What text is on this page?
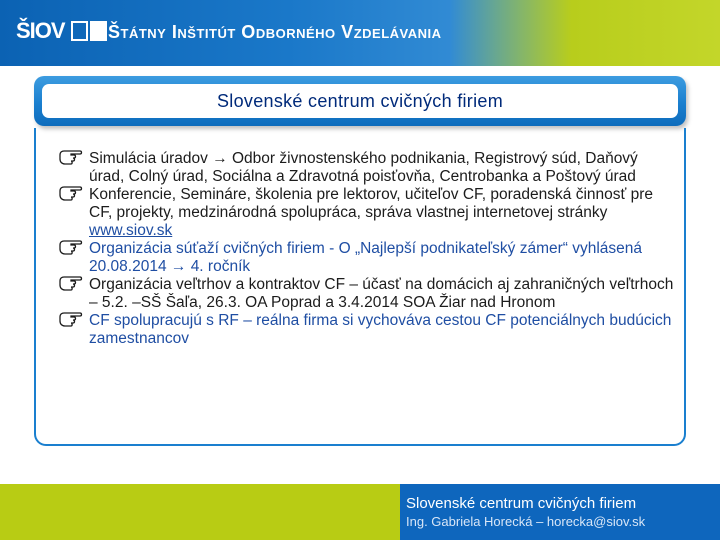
ŠIOV ŠTÁTNY INŠTITÚT ODBORNÉHO VZDELÁVANIA
Slovenské centrum cvičných firiem
Simulácia úradov → Odbor živnostenského podnikania, Registrový súd, Daňový úrad, Colný úrad, Sociálna a Zdravotná poisťovňa, Centrobanka a Poštový úrad
Konferencie, Semináre, školenia pre lektorov, učiteľov CF, poradenská činnosť pre CF, projekty, medzinárodná spolupráca, správa vlastnej internetovej stránky www.siov.sk
Organizácia súťaží cvičných firiem - O „Najlepší podnikateľský zámer“ vyhlásená 20.08.2014 → 4. ročník
Organizácia veľtrhov a kontraktov CF – účasť na domácich aj zahraničných veľtrhoch – 5.2. –SŠ Šaľa, 26.3. OA Poprad a 3.4.2014 SOA Žiar nad Hronom
CF spolupracujú s RF – reálna firma si vychováva cestou CF potenciálnych budúcich zamestnancov
Slovenské centrum cvičných firiem
Ing. Gabriela Horecká – horecka@siov.sk
